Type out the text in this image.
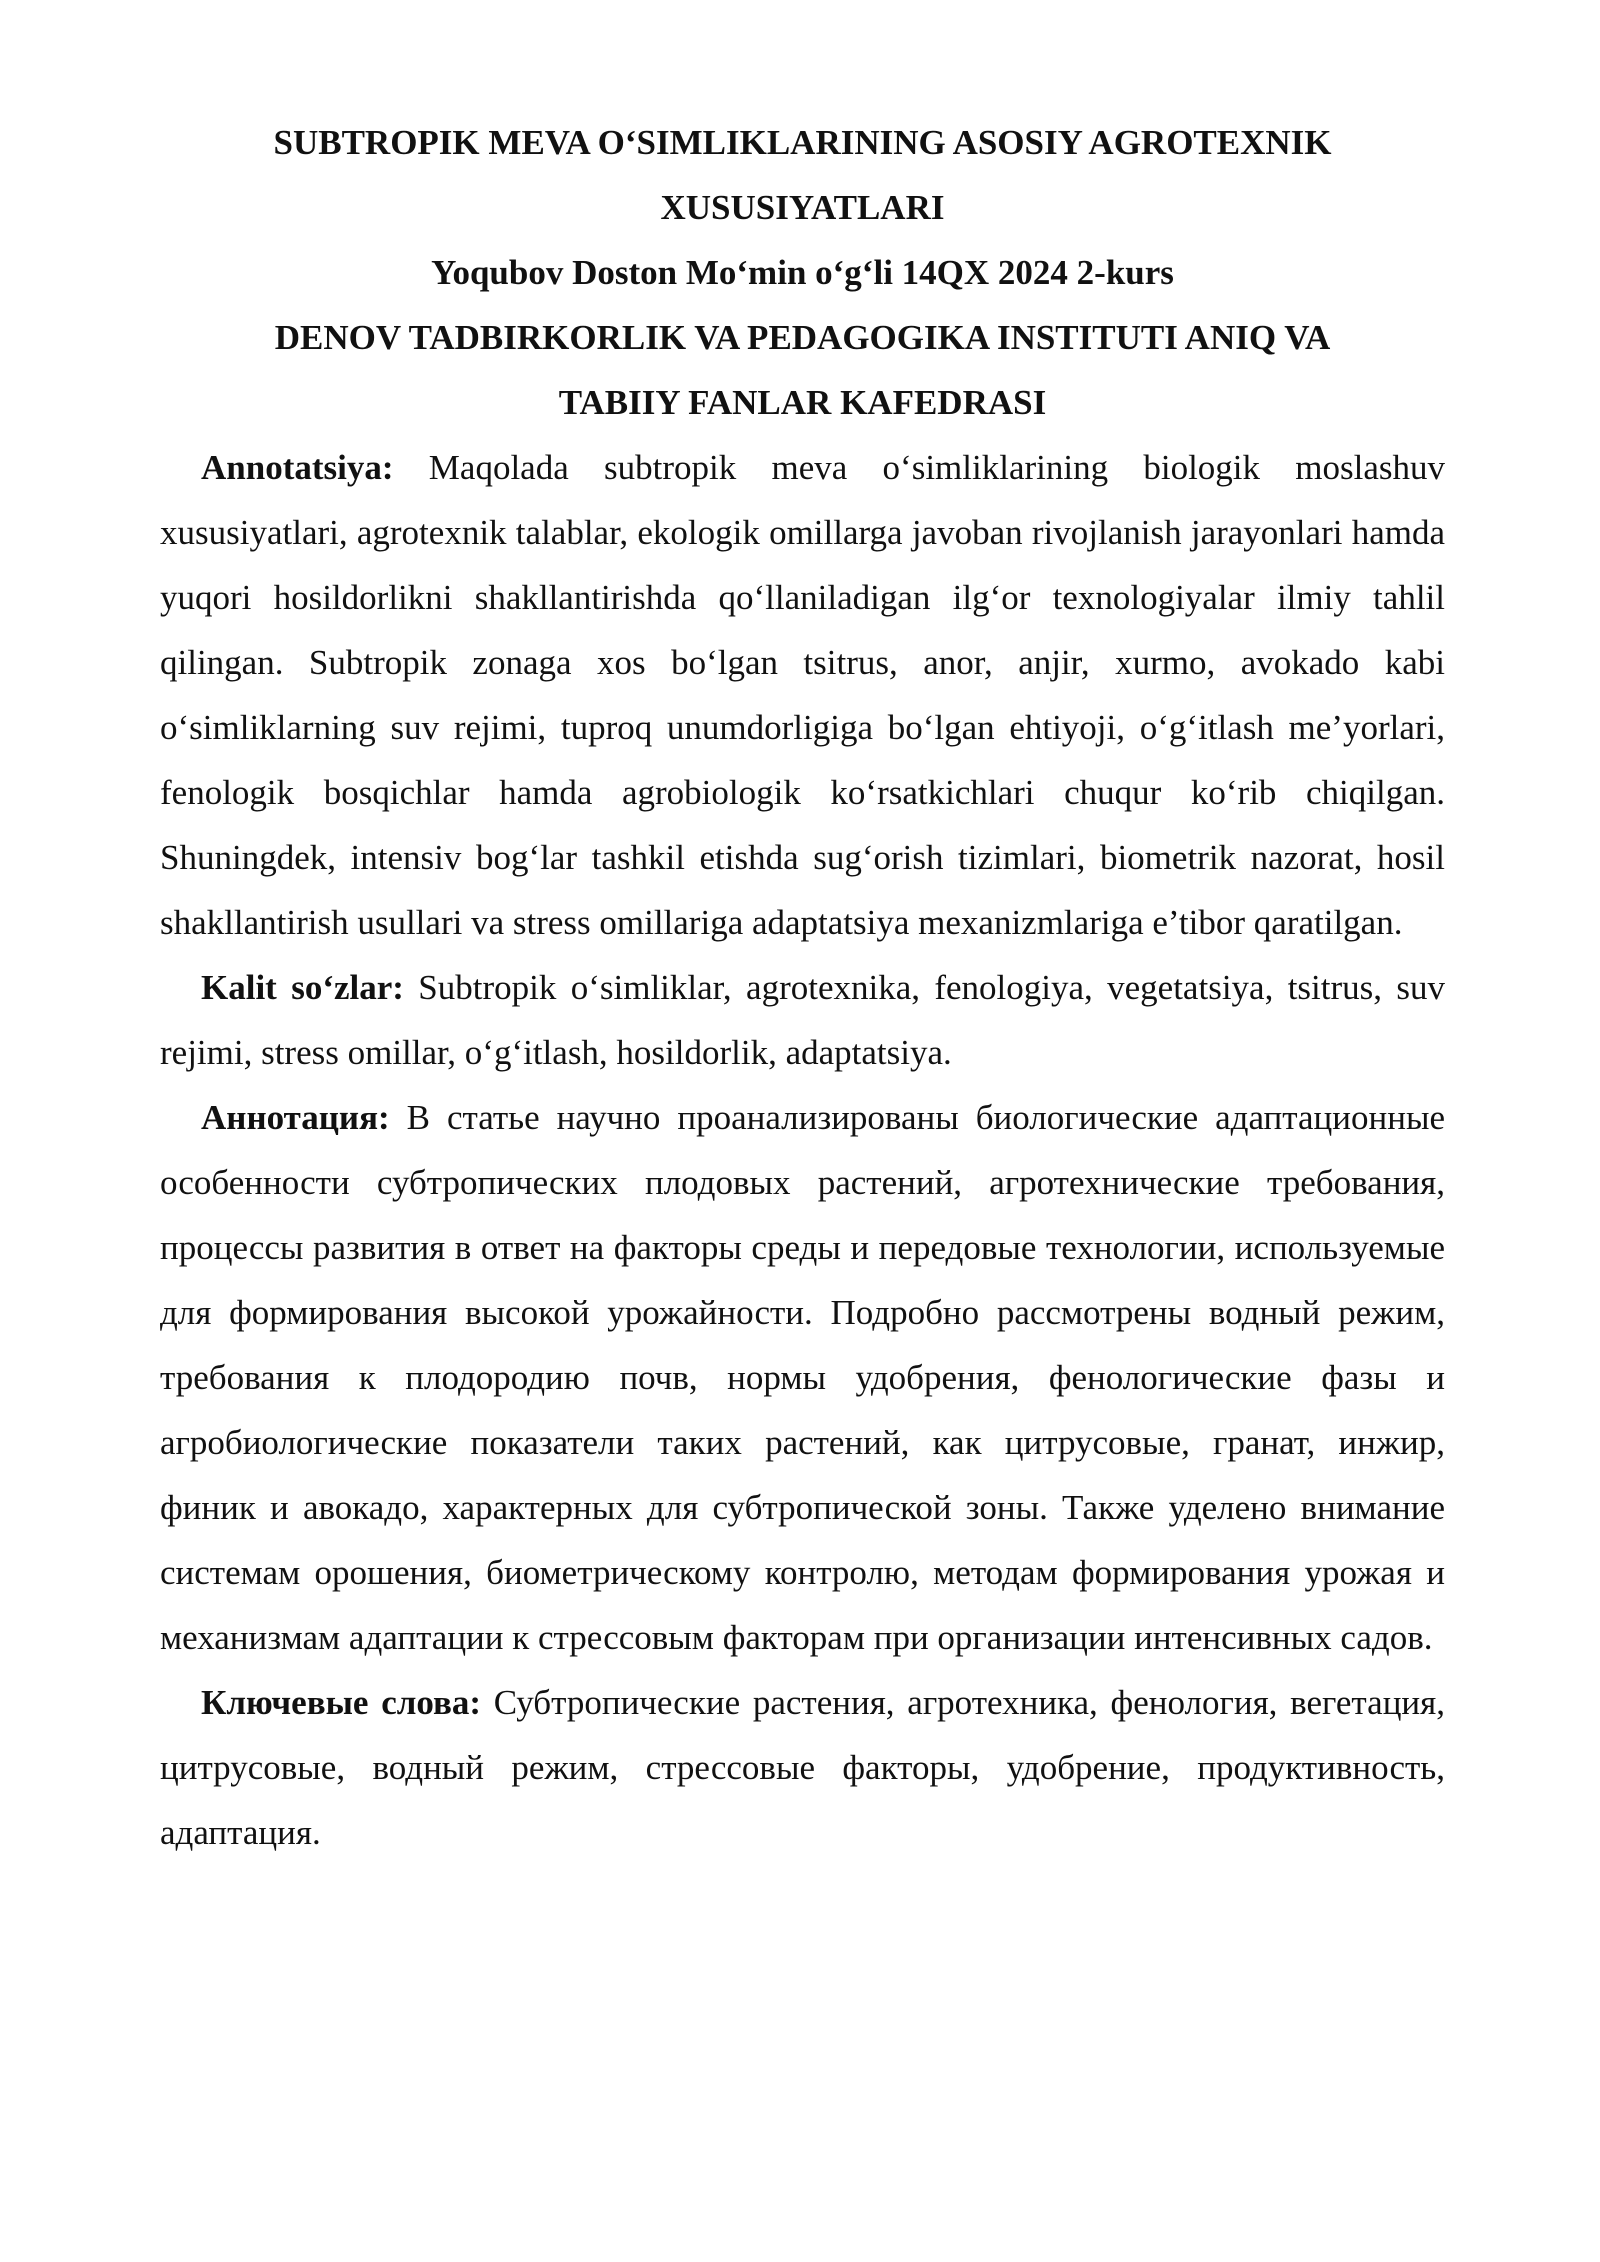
SUBTROPIK MEVA O‘SIMLIKLARINING ASOSIY AGROTEXNIK

XUSUSIYATLARI

Yoqubov Doston Mo‘min o‘g‘li 14QX 2024 2-kurs

DENOV TADBIRKORLIK VA PEDAGOGIKA INSTITUTI ANIQ VA

TABIIY FANLAR KAFEDRASI

Annotatsiya: Maqolada subtropik meva o‘simliklarining biologik moslashuv xususiyatlari, agrotexnik talablar, ekologik omillarga javoban rivojlanish jarayonlari hamda yuqori hosildorlikni shakllantirishda qo‘llaniladigan ilg‘or texnologiyalar ilmiy tahlil qilingan. Subtropik zonaga xos bo‘lgan tsitrus, anor, anjir, xurmo, avokado kabi o‘simliklarning suv rejimi, tuproq unumdorligiga bo‘lgan ehtiyoji, o‘g‘itlash me’yorlari, fenologik bosqichlar hamda agrobiologik ko‘rsatkichlari chuqur ko‘rib chiqilgan. Shuningdek, intensiv bog‘lar tashkil etishda sug‘orish tizimlari, biometrik nazorat, hosil shakllantirish usullari va stress omillariga adaptatsiya mexanizmlariga e’tibor qaratilgan.

Kalit so‘zlar: Subtropik o‘simliklar, agrotexnika, fenologiya, vegetatsiya, tsitrus, suv rejimi, stress omillar, o‘g‘itlash, hosildorlik, adaptatsiya.

Аннотация: В статье научно проанализированы биологические адаптационные особенности субтропических плодовых растений, агротехнические требования, процессы развития в ответ на факторы среды и передовые технологии, используемые для формирования высокой урожайности. Подробно рассмотрены водный режим, требования к плодородию почв, нормы удобрения, фенологические фазы и агробиологические показатели таких растений, как цитрусовые, гранат, инжир, финик и авокадо, характерных для субтропической зоны. Также уделено внимание системам орошения, биометрическому контролю, методам формирования урожая и механизмам адаптации к стрессовым факторам при организации интенсивных садов.

Ключевые слова: Субтропические растения, агротехника, фенология, вегетация, цитрусовые, водный режим, стрессовые факторы, удобрение, продуктивность, адаптация.
